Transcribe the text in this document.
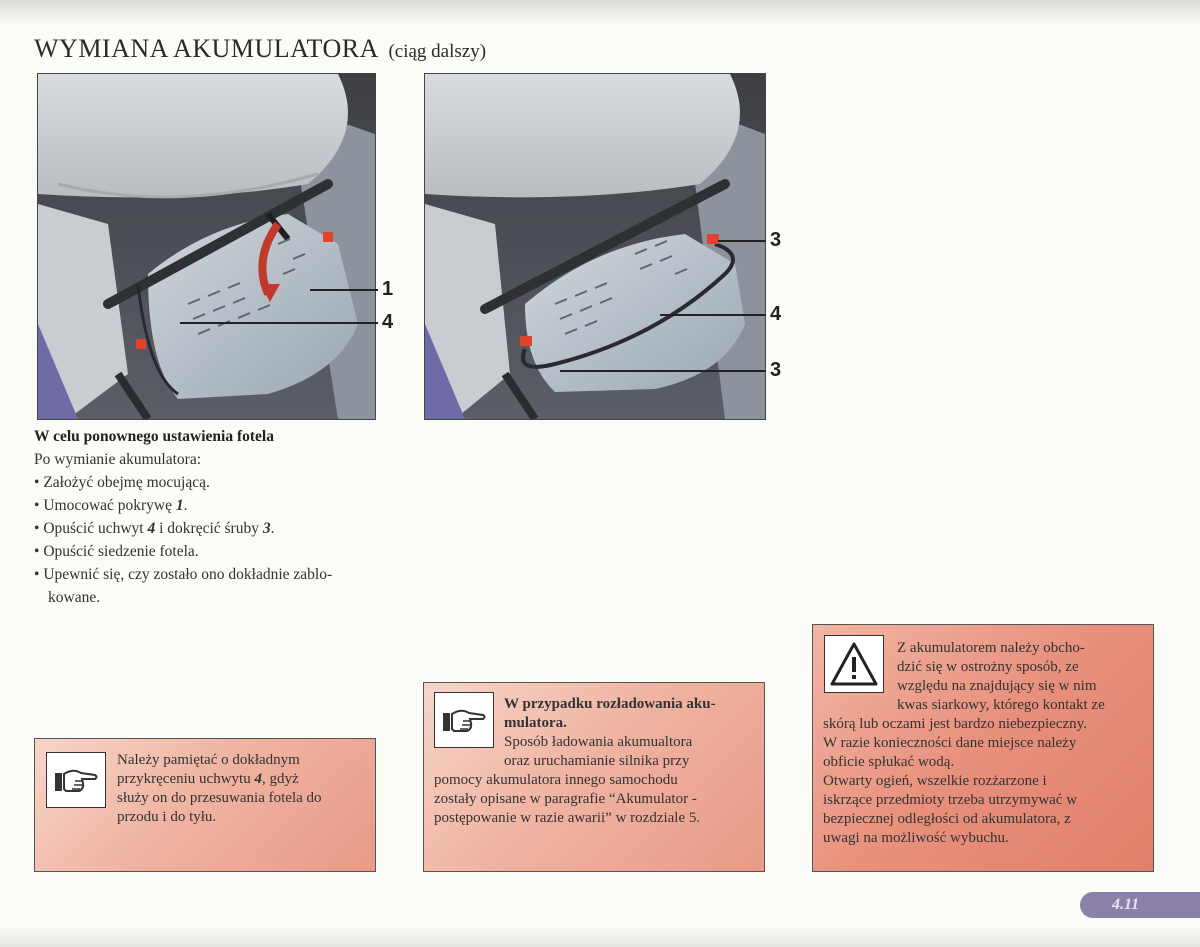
WYMIANA AKUMULATORA (ciąg dalszy)
1
4
3
4
3
W celu ponownego ustawienia fotela
Po wymianie akumulatora:
• Założyć obejmę mocującą.
• Umocować pokrywę 1.
• Opuścić uchwyt 4 i dokręcić śruby 3.
• Opuścić siedzenie fotela.
• Upewnić się, czy zostało ono dokładnie zablo-
kowane.

Należy pamiętać o dokładnym

przykręceniu uchwytu 4, gdyż

służy on do przesuwania fotela do

przodu i do tyłu.

W przypadku rozładowania aku-

mulatora.

Sposób ładowania akumualtora

oraz uruchamianie silnika przy

pomocy akumulatora innego samochodu

zostały opisane w paragrafie “Akumulator -

postępowanie w razie awarii” w rozdziale 5.

Z akumulatorem należy obcho-

dzić się w ostrożny sposób, ze

względu na znajdujący się w nim

kwas siarkowy, którego kontakt ze

skórą lub oczami jest bardzo niebezpieczny.

W razie konieczności dane miejsce należy

obficie spłukać wodą.

Otwarty ogień, wszelkie rozżarzone i

iskrzące przedmioty trzeba utrzymywać w

bezpiecznej odległości od akumulatora, z

uwagi na możliwość wybuchu.

4.11
